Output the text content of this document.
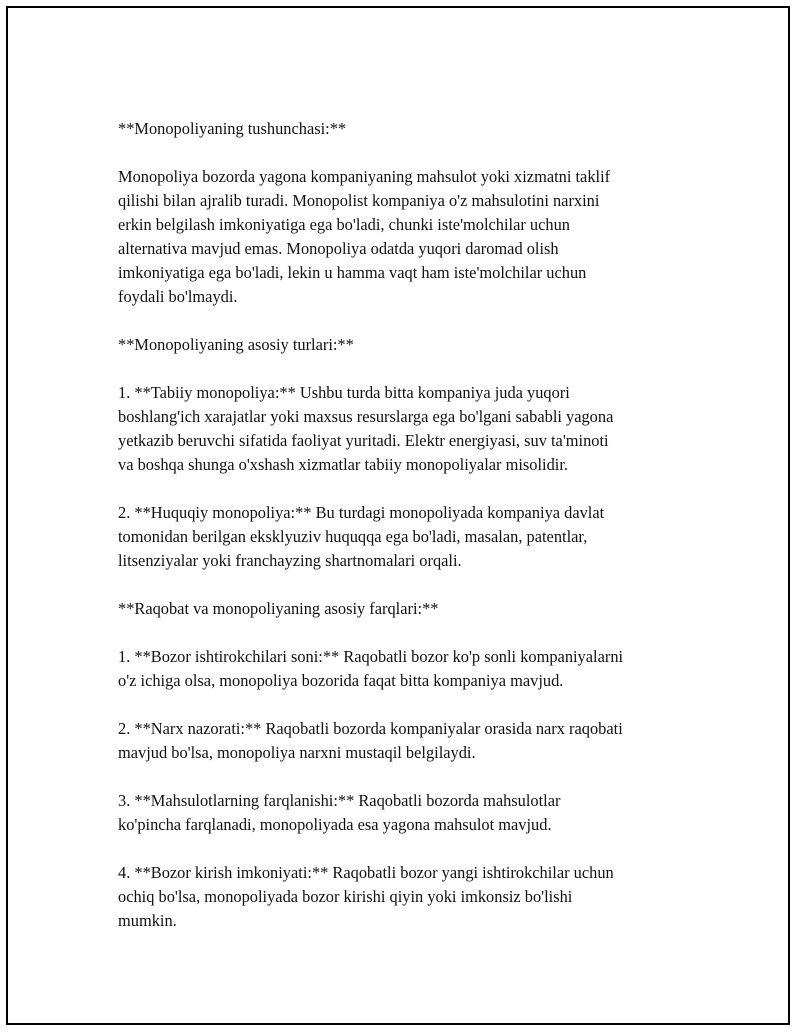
**Monopoliyaning tushunchasi:**

Monopoliya bozorda yagona kompaniyaning mahsulot yoki xizmatni taklif
qilishi bilan ajralib turadi. Monopolist kompaniya o'z mahsulotini narxini
erkin belgilash imkoniyatiga ega bo'ladi, chunki iste'molchilar uchun
alternativa mavjud emas. Monopoliya odatda yuqori daromad olish
imkoniyatiga ega bo'ladi, lekin u hamma vaqt ham iste'molchilar uchun
foydali bo'lmaydi.

**Monopoliyaning asosiy turlari:**

1. **Tabiiy monopoliya:** Ushbu turda bitta kompaniya juda yuqori
boshlang'ich xarajatlar yoki maxsus resurslarga ega bo'lgani sababli yagona
yetkazib beruvchi sifatida faoliyat yuritadi. Elektr energiyasi, suv ta'minoti
va boshqa shunga o'xshash xizmatlar tabiiy monopoliyalar misolidir.

2. **Huquqiy monopoliya:** Bu turdagi monopoliyada kompaniya davlat
tomonidan berilgan eksklyuziv huquqqa ega bo'ladi, masalan, patentlar,
litsenziyalar yoki franchayzing shartnomalari orqali.

**Raqobat va monopoliyaning asosiy farqlari:**

1. **Bozor ishtirokchilari soni:** Raqobatli bozor ko'p sonli kompaniyalarni
o'z ichiga olsa, monopoliya bozorida faqat bitta kompaniya mavjud.

2. **Narx nazorati:** Raqobatli bozorda kompaniyalar orasida narx raqobati
mavjud bo'lsa, monopoliya narxni mustaqil belgilaydi.

3. **Mahsulotlarning farqlanishi:** Raqobatli bozorda mahsulotlar
ko'pincha farqlanadi, monopoliyada esa yagona mahsulot mavjud.

4. **Bozor kirish imkoniyati:** Raqobatli bozor yangi ishtirokchilar uchun
ochiq bo'lsa, monopoliyada bozor kirishi qiyin yoki imkonsiz bo'lishi
mumkin.
